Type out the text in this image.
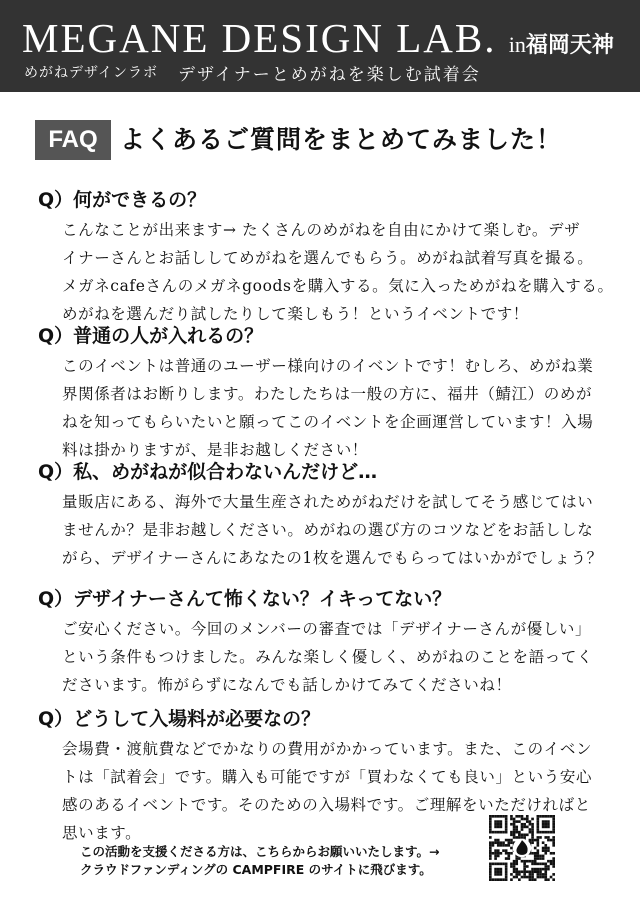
MEGANE DESIGN LAB. in福岡天神
めがねデザインラボ デザイナーとめがねを楽しむ試着会
FAQ よくあるご質問をまとめてみました！
Q）何ができるの？
こんなことが出来ます→ たくさんのめがねを自由にかけて楽しむ。デザ
イナーさんとお話ししてめがねを選んでもらう。めがね試着写真を撮る。
メガネcafeさんのメガネgoodsを購入する。気に入っためがねを購入する。
めがねを選んだり試したりして楽しもう！というイベントです！
Q）普通の人が入れるの？
このイベントは普通のユーザー様向けのイベントです！むしろ、めがね業
界関係者はお断りします。わたしたちは一般の方に、福井（鯖江）のめが
ねを知ってもらいたいと願ってこのイベントを企画運営しています！入場
料は掛かりますが、是非お越しください！
Q）私、めがねが似合わないんだけど…
量販店にある、海外で大量生産されためがねだけを試してそう感じてはい
ませんか？是非お越しください。めがねの選び方のコツなどをお話ししな
がら、デザイナーさんにあなたの1枚を選んでもらってはいかがでしょう？
Q）デザイナーさんて怖くない？イキってない？
ご安心ください。今回のメンバーの審査では「デザイナーさんが優しい」
という条件もつけました。みんな楽しく優しく、めがねのことを語ってく
ださいます。怖がらずになんでも話しかけてみてくださいね！
Q）どうして入場料が必要なの？
会場費・渡航費などでかなりの費用がかかっています。また、このイベン
トは「試着会」です。購入も可能ですが「買わなくても良い」という安心
感のあるイベントです。そのための入場料です。ご理解をいただければと
思います。
この活動を支援くださる方は、こちらからお願いいたします。→
クラウドファンディングの CAMPFIRE のサイトに飛びます。
